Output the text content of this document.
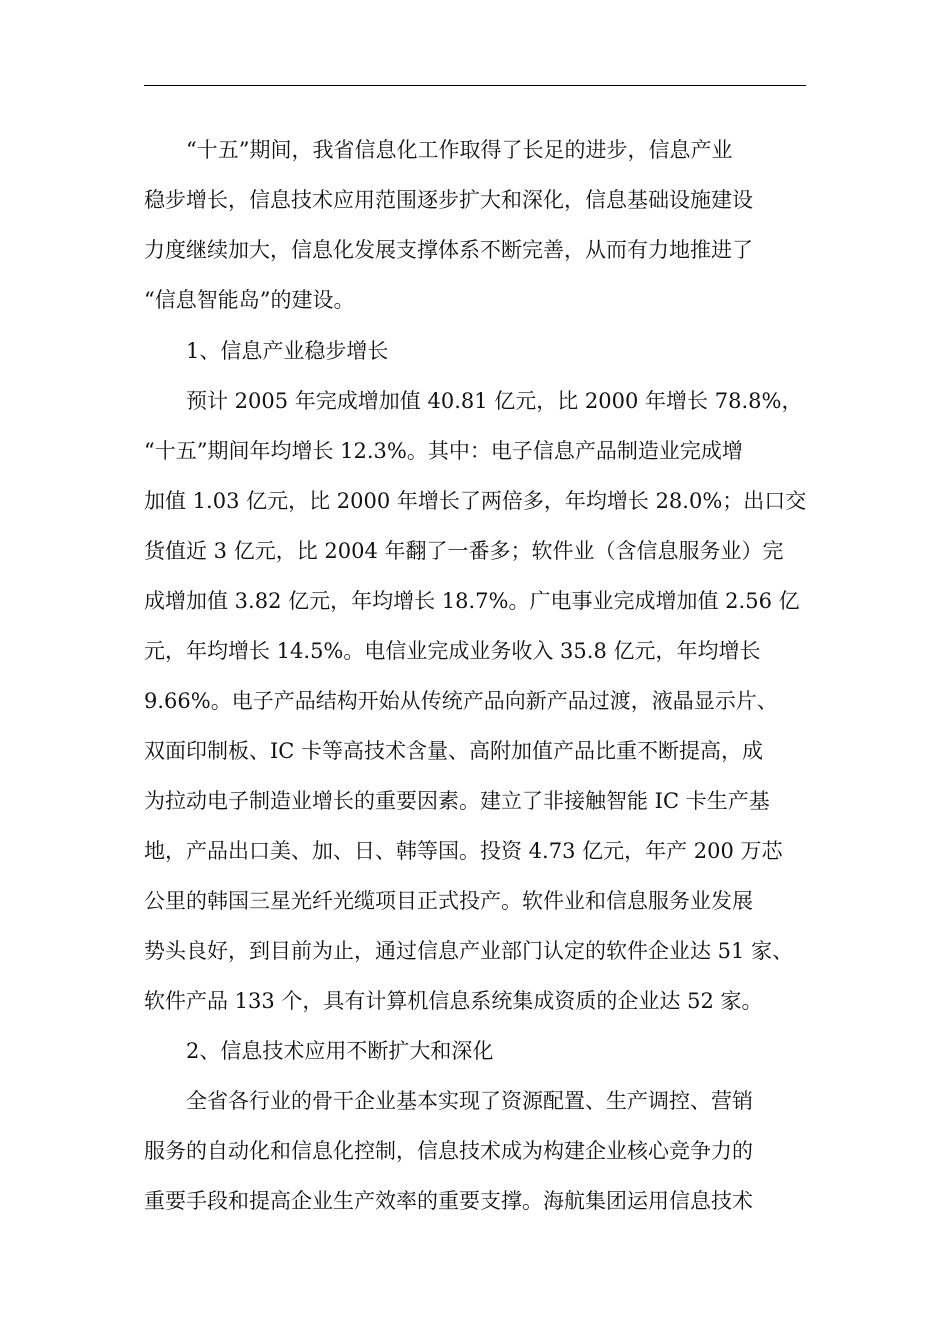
“十五”期间，我省信息化工作取得了长足的进步，信息产业
稳步增长，信息技术应用范围逐步扩大和深化，信息基础设施建设
力度继续加大，信息化发展支撑体系不断完善，从而有力地推进了
“信息智能岛”的建设。
1、信息产业稳步增长
预计 2005 年完成增加值 40.81 亿元，比 2000 年增长 78.8%，
“十五”期间年均增长 12.3%。其中：电子信息产品制造业完成增
加值 1.03 亿元，比 2000 年增长了两倍多，年均增长 28.0%；出口交
货值近 3 亿元，比 2004 年翻了一番多；软件业（含信息服务业）完
成增加值 3.82 亿元，年均增长 18.7%。广电事业完成增加值 2.56 亿
元，年均增长 14.5%。电信业完成业务收入 35.8 亿元，年均增长
9.66%。电子产品结构开始从传统产品向新产品过渡，液晶显示片、
双面印制板、IC 卡等高技术含量、高附加值产品比重不断提高，成
为拉动电子制造业增长的重要因素。建立了非接触智能 IC 卡生产基
地，产品出口美、加、日、韩等国。投资 4.73 亿元，年产 200 万芯
公里的韩国三星光纤光缆项目正式投产。软件业和信息服务业发展
势头良好，到目前为止，通过信息产业部门认定的软件企业达 51 家、
软件产品 133 个，具有计算机信息系统集成资质的企业达 52 家。
2、信息技术应用不断扩大和深化
全省各行业的骨干企业基本实现了资源配置、生产调控、营销
服务的自动化和信息化控制，信息技术成为构建企业核心竞争力的
重要手段和提高企业生产效率的重要支撑。海航集团运用信息技术
